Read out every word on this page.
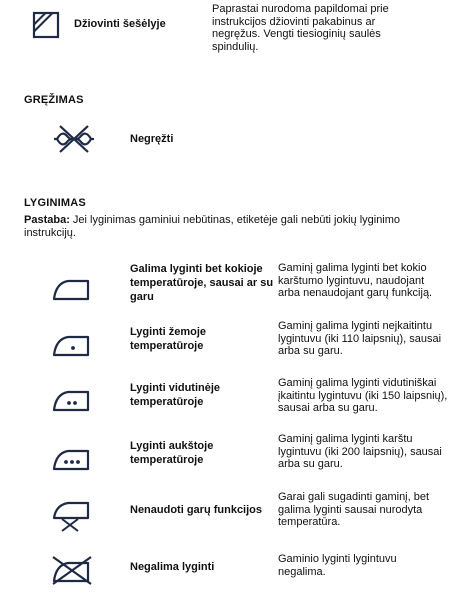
Džiovinti šešėlyje
Paprastai nurodoma papildomai prie instrukcijos džiovinti pakabinus ar negręžus. Vengti tiesioginių saulės spindulių.
GRĘŽIMAS
Negręžti
LYGINIMAS
Pastaba: Jei lyginimas gaminiui nebūtinas, etiketėje gali nebūti jokių lyginimo instrukcijų.
Galima lyginti bet kokioje temperatūroje, sausai ar su garu
Gaminį galima lyginti bet kokio karštumo lygintuvu, naudojant arba nenaudojant garų funkciją.
Lyginti žemoje temperatūroje
Gaminį galima lyginti nejkaitintu lygintuvu (iki 110 laipsnių), sausai arba su garu.
Lyginti vidutinėje temperatūroje
Gaminį galima lyginti vidutiniškai įkaitintu lygintuvu (iki 150 laipsnių), sausai arba su garu.
Lyginti aukštoje temperatūroje
Gaminį galima lyginti karštu lygintuvu (iki 200 laipsnių), sausai arba su garu.
Nenaudoti garų funkcijos
Garai gali sugadinti gaminį, bet galima lyginti sausai nurodyta temperatūra.
Negalima lyginti
Gaminio lyginti lygintuvu negalima.
